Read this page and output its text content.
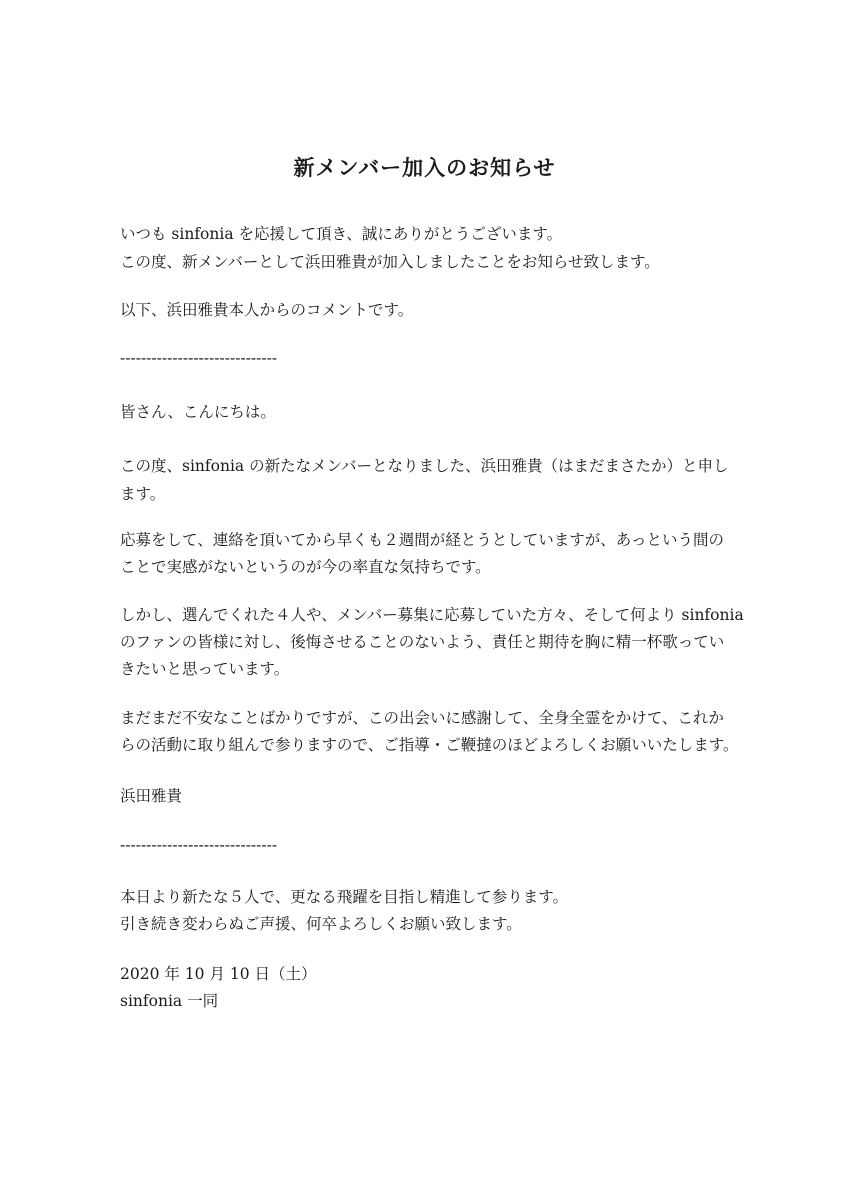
新メンバー加入のお知らせ

いつも sinfonia を応援して頂き、誠にありがとうございます。

この度、新メンバーとして浜田雅貴が加入しましたことをお知らせ致します。

以下、浜田雅貴本人からのコメントです。

------------------------------

皆さん、こんにちは。

この度、sinfonia の新たなメンバーとなりました、浜田雅貴（はまだまさたか）と申し

ます。

応募をして、連絡を頂いてから早くも２週間が経とうとしていますが、あっという間の

ことで実感がないというのが今の率直な気持ちです。

しかし、選んでくれた４人や、メンバー募集に応募していた方々、そして何より sinfonia

のファンの皆様に対し、後悔させることのないよう、責任と期待を胸に精一杯歌ってい

きたいと思っています。

まだまだ不安なことばかりですが、この出会いに感謝して、全身全霊をかけて、これか

らの活動に取り組んで参りますので、ご指導・ご鞭撻のほどよろしくお願いいたします。

浜田雅貴

------------------------------

本日より新たな５人で、更なる飛躍を目指し精進して参ります。

引き続き変わらぬご声援、何卒よろしくお願い致します。

2020 年 10 月 10 日（土）

sinfonia 一同
